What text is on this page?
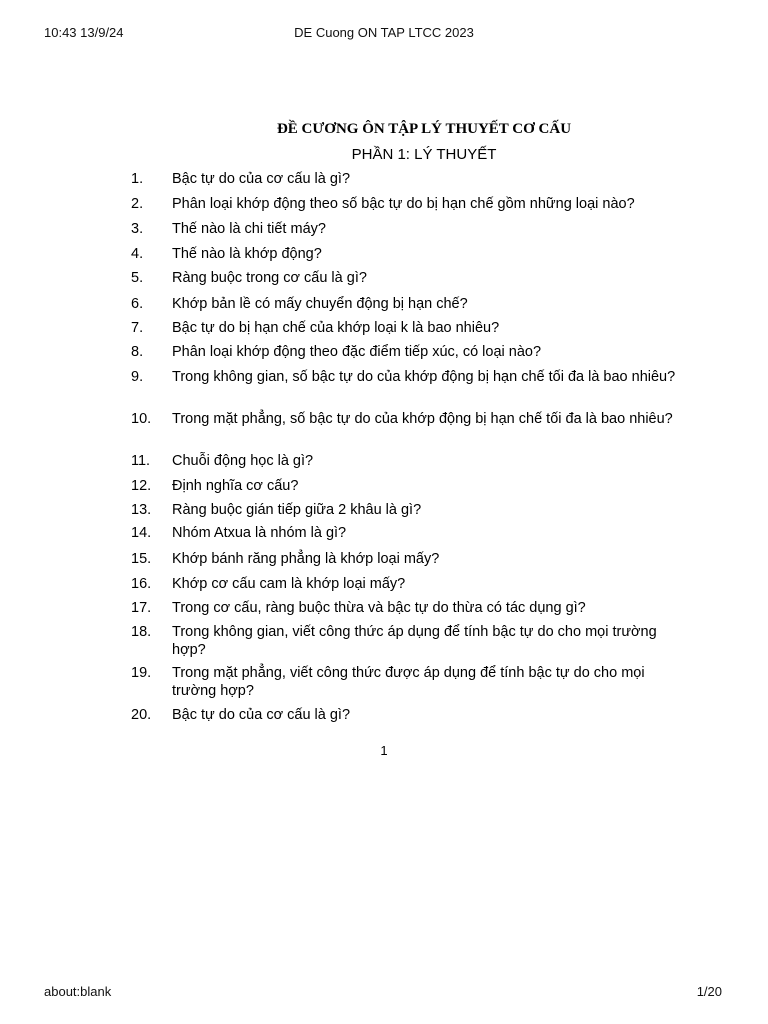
10:43 13/9/24	DE Cuong ON TAP LTCC 2023
ĐỀ CƯƠNG ÔN TẬP LÝ THUYẾT CƠ CẤU
PHẦN 1: LÝ THUYẾT
1.	Bậc tự do của cơ cấu là gì?
2.	Phân loại khớp động theo số bậc tự do bị hạn chế gồm những loại nào?
3.	Thế nào là chi tiết máy?
4.	Thế nào là khớp động?
5.	Ràng buộc trong cơ cấu là gì?
6.	Khớp bản lề có mấy chuyển động bị hạn chế?
7.	Bậc tự do bị hạn chế của khớp loại k là bao nhiêu?
8.	Phân loại khớp động theo đặc điểm tiếp xúc, có loại nào?
9.	Trong không gian, số bậc tự do của khớp động bị hạn chế tối đa là bao nhiêu?
10.	Trong mặt phẳng, số bậc tự do của khớp động bị hạn chế tối đa là bao nhiêu?
11.	Chuỗi động học là gì?
12.	Định nghĩa cơ cấu?
13.	Ràng buộc gián tiếp giữa 2 khâu là gì?
14.	Nhóm Atxua là nhóm là gì?
15.	Khớp bánh răng phẳng là khớp loại mấy?
16.	Khớp cơ cấu cam là khớp loại mấy?
17.	Trong cơ cấu, ràng buộc thừa và bậc tự do thừa có tác dụng gì?
18.	Trong không gian, viết công thức áp dụng để tính bậc tự do cho mọi trường hợp?
19.	Trong mặt phẳng, viết công thức được áp dụng để tính bậc tự do cho mọi trường hợp?
20.	Bậc tự do của cơ cấu là gì?
1
about:blank	1/20
